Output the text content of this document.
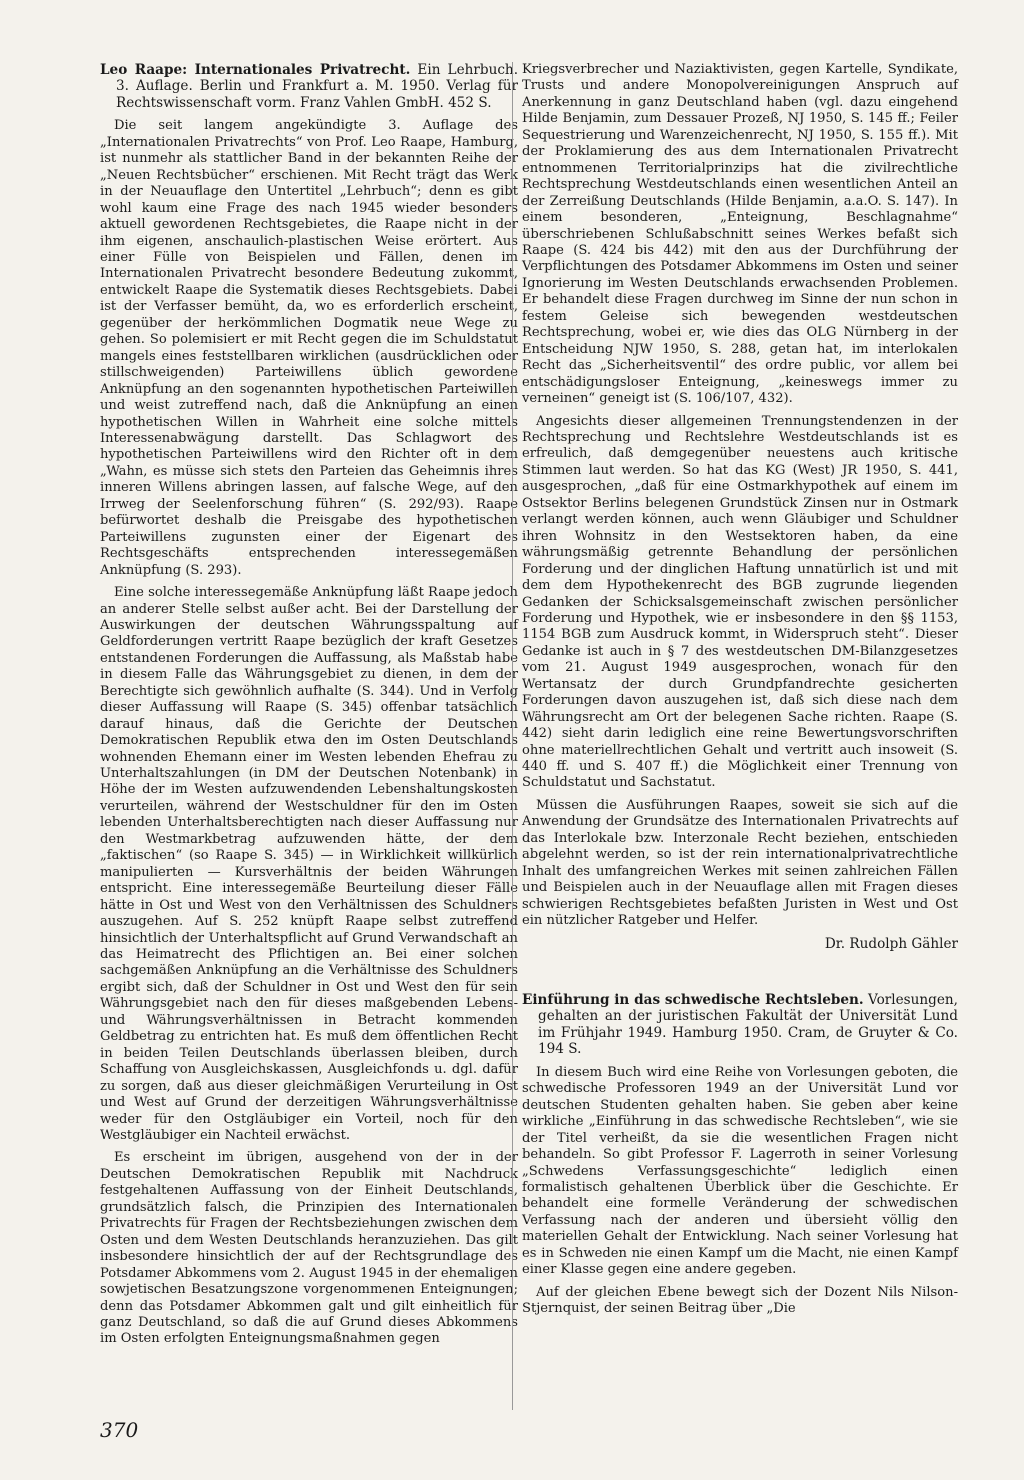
Leo Raape: Internationales Privatrecht. Ein Lehrbuch. 3. Auflage. Berlin und Frankfurt a. M. 1950. Verlag für Rechtswissenschaft vorm. Franz Vahlen GmbH. 452 S.

Die seit langem angekündigte 3. Auflage des „Internationalen Privatrechts“ von Prof. Leo Raape, Hamburg, ist nunmehr als stattlicher Band in der bekannten Reihe der „Neuen Rechtsbücher“ erschienen. Mit Recht trägt das Werk in der Neuauflage den Untertitel „Lehrbuch“; denn es gibt wohl kaum eine Frage des nach 1945 wieder besonders aktuell gewordenen Rechtsgebietes, die Raape nicht in der ihm eigenen, anschaulich-plastischen Weise erörtert. Aus einer Fülle von Beispielen und Fällen, denen im Internationalen Privatrecht besondere Bedeutung zukommt, entwickelt Raape die Systematik dieses Rechtsgebiets. Dabei ist der Verfasser bemüht, da, wo es erforderlich erscheint, gegenüber der herkömmlichen Dogmatik neue Wege zu gehen. So polemisiert er mit Recht gegen die im Schuldstatut mangels eines feststellbaren wirklichen (ausdrücklichen oder stillschweigenden) Parteiwillens üblich gewordene Anknüpfung an den sogenannten hypothetischen Parteiwillen und weist zutreffend nach, daß die Anknüpfung an einen hypothetischen Willen in Wahrheit eine solche mittels Interessenabwägung darstellt. Das Schlagwort des hypothetischen Parteiwillens wird den Richter oft in dem „Wahn, es müsse sich stets den Parteien das Geheimnis ihres inneren Willens abringen lassen, auf falsche Wege, auf den Irrweg der Seelenforschung führen“ (S. 292/93). Raape befürwortet deshalb die Preisgabe des hypothetischen Parteiwillens zugunsten einer der Eigenart des Rechtsgeschäfts entsprechenden interessegemäßen Anknüpfung (S. 293).

Eine solche interessegemäße Anknüpfung läßt Raape jedoch an anderer Stelle selbst außer acht. Bei der Darstellung der Auswirkungen der deutschen Währungsspaltung auf Geldforderungen vertritt Raape bezüglich der kraft Gesetzes entstandenen Forderungen die Auffassung, als Maßstab habe in diesem Falle das Währungsgebiet zu dienen, in dem der Berechtigte sich gewöhnlich aufhalte (S. 344). Und in Verfolg dieser Auffassung will Raape (S. 345) offenbar tatsächlich darauf hinaus, daß die Gerichte der Deutschen Demokratischen Republik etwa den im Osten Deutschlands wohnenden Ehemann einer im Westen lebenden Ehefrau zu Unterhaltszahlungen (in DM der Deutschen Notenbank) in Höhe der im Westen aufzuwendenden Lebenshaltungskosten verurteilen, während der Westschuldner für den im Osten lebenden Unterhaltsberechtigten nach dieser Auffassung nur den Westmarkbetrag aufzuwenden hätte, der dem „faktischen“ (so Raape S. 345) — in Wirklichkeit willkürlich manipulierten — Kursverhältnis der beiden Währungen entspricht. Eine interessegemäße Beurteilung dieser Fälle hätte in Ost und West von den Verhältnissen des Schuldners auszugehen. Auf S. 252 knüpft Raape selbst zutreffend hinsichtlich der Unterhaltspflicht auf Grund Verwandschaft an das Heimatrecht des Pflichtigen an. Bei einer solchen sachgemäßen Anknüpfung an die Verhältnisse des Schuldners ergibt sich, daß der Schuldner in Ost und West den für sein Währungsgebiet nach den für dieses maßgebenden Lebens- und Währungsverhältnissen in Betracht kommenden Geldbetrag zu entrichten hat. Es muß dem öffentlichen Recht in beiden Teilen Deutschlands überlassen bleiben, durch Schaffung von Ausgleichskassen, Ausgleichfonds u. dgl. dafür zu sorgen, daß aus dieser gleichmäßigen Verurteilung in Ost und West auf Grund der derzeitigen Währungsverhältnisse weder für den Ostgläubiger ein Vorteil, noch für den Westgläubiger ein Nachteil erwächst.

Es erscheint im übrigen, ausgehend von der in der Deutschen Demokratischen Republik mit Nachdruck festgehaltenen Auffassung von der Einheit Deutschlands, grundsätzlich falsch, die Prinzipien des Internationalen Privatrechts für Fragen der Rechtsbeziehungen zwischen dem Osten und dem Westen Deutschlands heranzuziehen. Das gilt insbesondere hinsichtlich der auf der Rechtsgrundlage des Potsdamer Abkommens vom 2. August 1945 in der ehemaligen sowjetischen Besatzungszone vorgenommenen Enteignungen; denn das Potsdamer Abkommen galt und gilt einheitlich für ganz Deutschland, so daß die auf Grund dieses Abkommens im Osten erfolgten Enteignungsmaßnahmen gegen

Kriegsverbrecher und Naziaktivisten, gegen Kartelle, Syndikate, Trusts und andere Monopolvereinigungen Anspruch auf Anerkennung in ganz Deutschland haben (vgl. dazu eingehend Hilde Benjamin, zum Dessauer Prozeß, NJ 1950, S. 145 ff.; Feiler Sequestrierung und Warenzeichenrecht, NJ 1950, S. 155 ff.). Mit der Proklamierung des aus dem Internationalen Privatrecht entnommenen Territorialprinzips hat die zivilrechtliche Rechtsprechung Westdeutschlands einen wesentlichen Anteil an der Zerreißung Deutschlands (Hilde Benjamin, a.a.O. S. 147). In einem besonderen, „Enteignung, Beschlagnahme“ überschriebenen Schlußabschnitt seines Werkes befaßt sich Raape (S. 424 bis 442) mit den aus der Durchführung der Verpflichtungen des Potsdamer Abkommens im Osten und seiner Ignorierung im Westen Deutschlands erwachsenden Problemen. Er behandelt diese Fragen durchweg im Sinne der nun schon in festem Geleise sich bewegenden westdeutschen Rechtsprechung, wobei er, wie dies das OLG Nürnberg in der Entscheidung NJW 1950, S. 288, getan hat, im interlokalen Recht das „Sicherheitsventil“ des ordre public, vor allem bei entschädigungsloser Enteignung, „keineswegs immer zu verneinen“ geneigt ist (S. 106/107, 432).

Angesichts dieser allgemeinen Trennungstendenzen in der Rechtsprechung und Rechtslehre Westdeutschlands ist es erfreulich, daß demgegenüber neuestens auch kritische Stimmen laut werden. So hat das KG (West) JR 1950, S. 441, ausgesprochen, „daß für eine Ostmarkhypothek auf einem im Ostsektor Berlins belegenen Grundstück Zinsen nur in Ostmark verlangt werden können, auch wenn Gläubiger und Schuldner ihren Wohnsitz in den Westsektoren haben, da eine währungsmäßig getrennte Behandlung der persönlichen Forderung und der dinglichen Haftung unnatürlich ist und mit dem dem Hypothekenrecht des BGB zugrunde liegenden Gedanken der Schicksalsgemeinschaft zwischen persönlicher Forderung und Hypothek, wie er insbesondere in den §§ 1153, 1154 BGB zum Ausdruck kommt, in Widerspruch steht“. Dieser Gedanke ist auch in § 7 des westdeutschen DM-Bilanzgesetzes vom 21. August 1949 ausgesprochen, wonach für den Wertansatz der durch Grundpfandrechte gesicherten Forderungen davon auszugehen ist, daß sich diese nach dem Währungsrecht am Ort der belegenen Sache richten. Raape (S. 442) sieht darin lediglich eine reine Bewertungsvorschriften ohne materiellrechtlichen Gehalt und vertritt auch insoweit (S. 440 ff. und S. 407 ff.) die Möglichkeit einer Trennung von Schuldstatut und Sachstatut.

Müssen die Ausführungen Raapes, soweit sie sich auf die Anwendung der Grundsätze des Internationalen Privatrechts auf das Interlokale bzw. Interzonale Recht beziehen, entschieden abgelehnt werden, so ist der rein internationalprivatrechtliche Inhalt des umfangreichen Werkes mit seinen zahlreichen Fällen und Beispielen auch in der Neuauflage allen mit Fragen dieses schwierigen Rechtsgebietes befaßten Juristen in West und Ost ein nützlicher Ratgeber und Helfer.

Dr. Rudolph Gähler

Einführung in das schwedische Rechtsleben. Vorlesungen, gehalten an der juristischen Fakultät der Universität Lund im Frühjahr 1949. Hamburg 1950. Cram, de Gruyter & Co. 194 S.

In diesem Buch wird eine Reihe von Vorlesungen geboten, die schwedische Professoren 1949 an der Universität Lund vor deutschen Studenten gehalten haben. Sie geben aber keine wirkliche „Einführung in das schwedische Rechtsleben“, wie sie der Titel verheißt, da sie die wesentlichen Fragen nicht behandeln. So gibt Professor F. Lagerroth in seiner Vorlesung „Schwedens Verfassungsgeschichte“ lediglich einen formalistisch gehaltenen Überblick über die Geschichte. Er behandelt eine formelle Veränderung der schwedischen Verfassung nach der anderen und übersieht völlig den materiellen Gehalt der Entwicklung. Nach seiner Vorlesung hat es in Schweden nie einen Kampf um die Macht, nie einen Kampf einer Klasse gegen eine andere gegeben.

Auf der gleichen Ebene bewegt sich der Dozent Nils Nilson-Stjernquist, der seinen Beitrag über „Die

370
